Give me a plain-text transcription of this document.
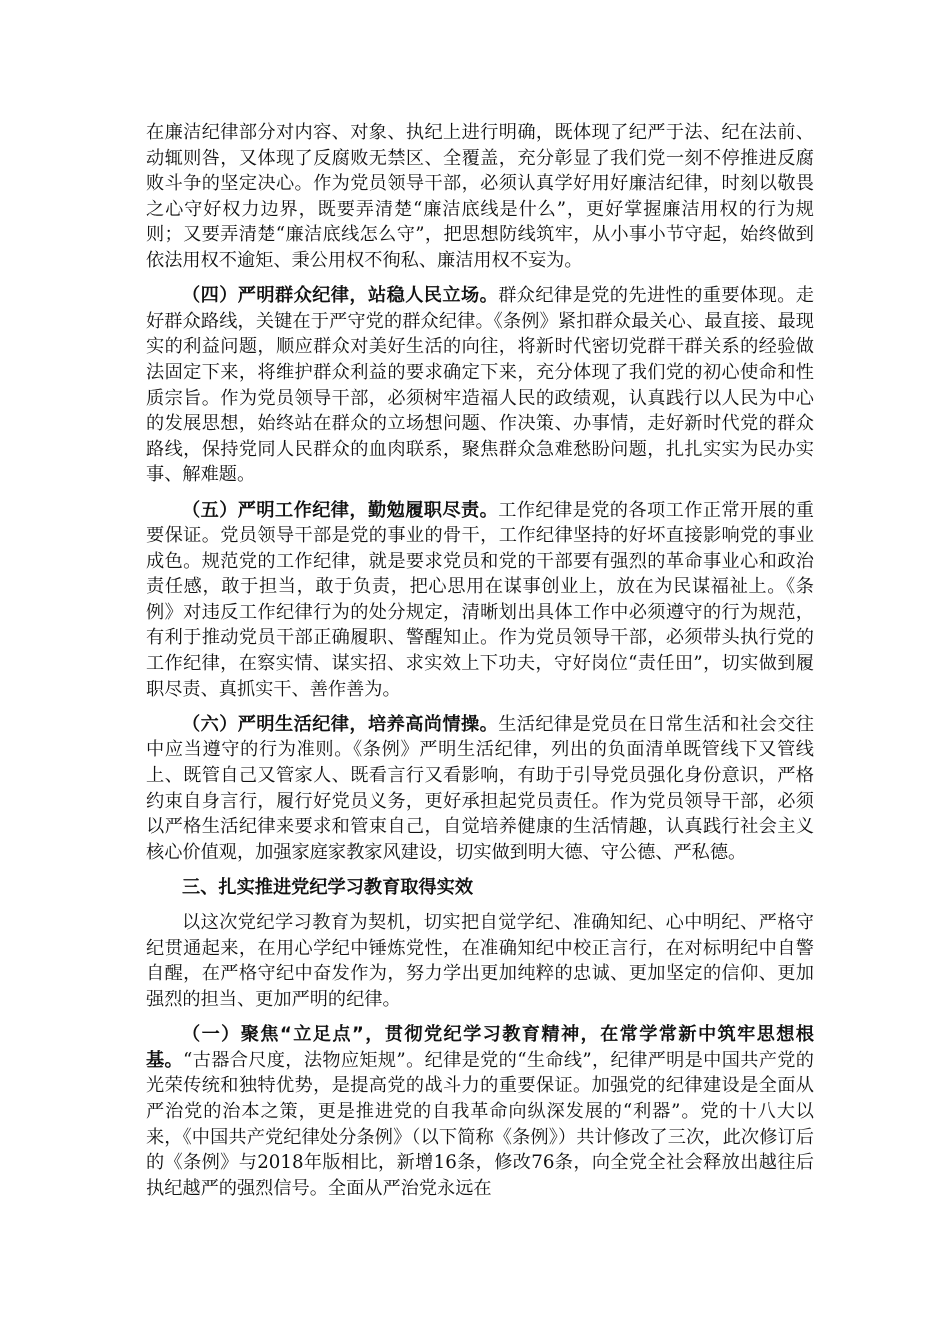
在廉洁纪律部分对内容、对象、执纪上进行明确，既体现了纪严于法、纪在法前、动辄则咎，又体现了反腐败无禁区、全覆盖，充分彰显了我们党一刻不停推进反腐败斗争的坚定决心。作为党员领导干部，必须认真学好用好廉洁纪律，时刻以敬畏之心守好权力边界，既要弄清楚“廉洁底线是什么”，更好掌握廉洁用权的行为规则；又要弄清楚“廉洁底线怎么守”，把思想防线筑牢，从小事小节守起，始终做到依法用权不逾矩、秉公用权不徇私、廉洁用权不妄为。

（四）严明群众纪律，站稳人民立场。群众纪律是党的先进性的重要体现。走好群众路线，关键在于严守党的群众纪律。《条例》紧扣群众最关心、最直接、最现实的利益问题，顺应群众对美好生活的向往，将新时代密切党群干群关系的经验做法固定下来，将维护群众利益的要求确定下来，充分体现了我们党的初心使命和性质宗旨。作为党员领导干部，必须树牢造福人民的政绩观，认真践行以人民为中心的发展思想，始终站在群众的立场想问题、作决策、办事情，走好新时代党的群众路线，保持党同人民群众的血肉联系，聚焦群众急难愁盼问题，扎扎实实为民办实事、解难题。

（五）严明工作纪律，勤勉履职尽责。工作纪律是党的各项工作正常开展的重要保证。党员领导干部是党的事业的骨干，工作纪律坚持的好坏直接影响党的事业成色。规范党的工作纪律，就是要求党员和党的干部要有强烈的革命事业心和政治责任感，敢于担当，敢于负责，把心思用在谋事创业上，放在为民谋福祉上。《条例》对违反工作纪律行为的处分规定，清晰划出具体工作中必须遵守的行为规范，有利于推动党员干部正确履职、警醒知止。作为党员领导干部，必须带头执行党的工作纪律，在察实情、谋实招、求实效上下功夫，守好岗位“责任田”，切实做到履职尽责、真抓实干、善作善为。

（六）严明生活纪律，培养高尚情操。生活纪律是党员在日常生活和社会交往中应当遵守的行为准则。《条例》严明生活纪律，列出的负面清单既管线下又管线上、既管自己又管家人、既看言行又看影响，有助于引导党员强化身份意识，严格约束自身言行，履行好党员义务，更好承担起党员责任。作为党员领导干部，必须以严格生活纪律来要求和管束自己，自觉培养健康的生活情趣，认真践行社会主义核心价值观，加强家庭家教家风建设，切实做到明大德、守公德、严私德。

三、扎实推进党纪学习教育取得实效

以这次党纪学习教育为契机，切实把自觉学纪、准确知纪、心中明纪、严格守纪贯通起来，在用心学纪中锤炼党性，在准确知纪中校正言行，在对标明纪中自警自醒，在严格守纪中奋发作为，努力学出更加纯粹的忠诚、更加坚定的信仰、更加强烈的担当、更加严明的纪律。

（一）聚焦“立足点”，贯彻党纪学习教育精神，在常学常新中筑牢思想根基。“古器合尺度，法物应矩规”。纪律是党的“生命线”，纪律严明是中国共产党的光荣传统和独特优势，是提高党的战斗力的重要保证。加强党的纪律建设是全面从严治党的治本之策，更是推进党的自我革命向纵深发展的“利器”。党的十八大以来，《中国共产党纪律处分条例》（以下简称《条例》）共计修改了三次，此次修订后的《条例》与2018年版相比，新增16条，修改76条，向全党全社会释放出越往后执纪越严的强烈信号。全面从严治党永远在
